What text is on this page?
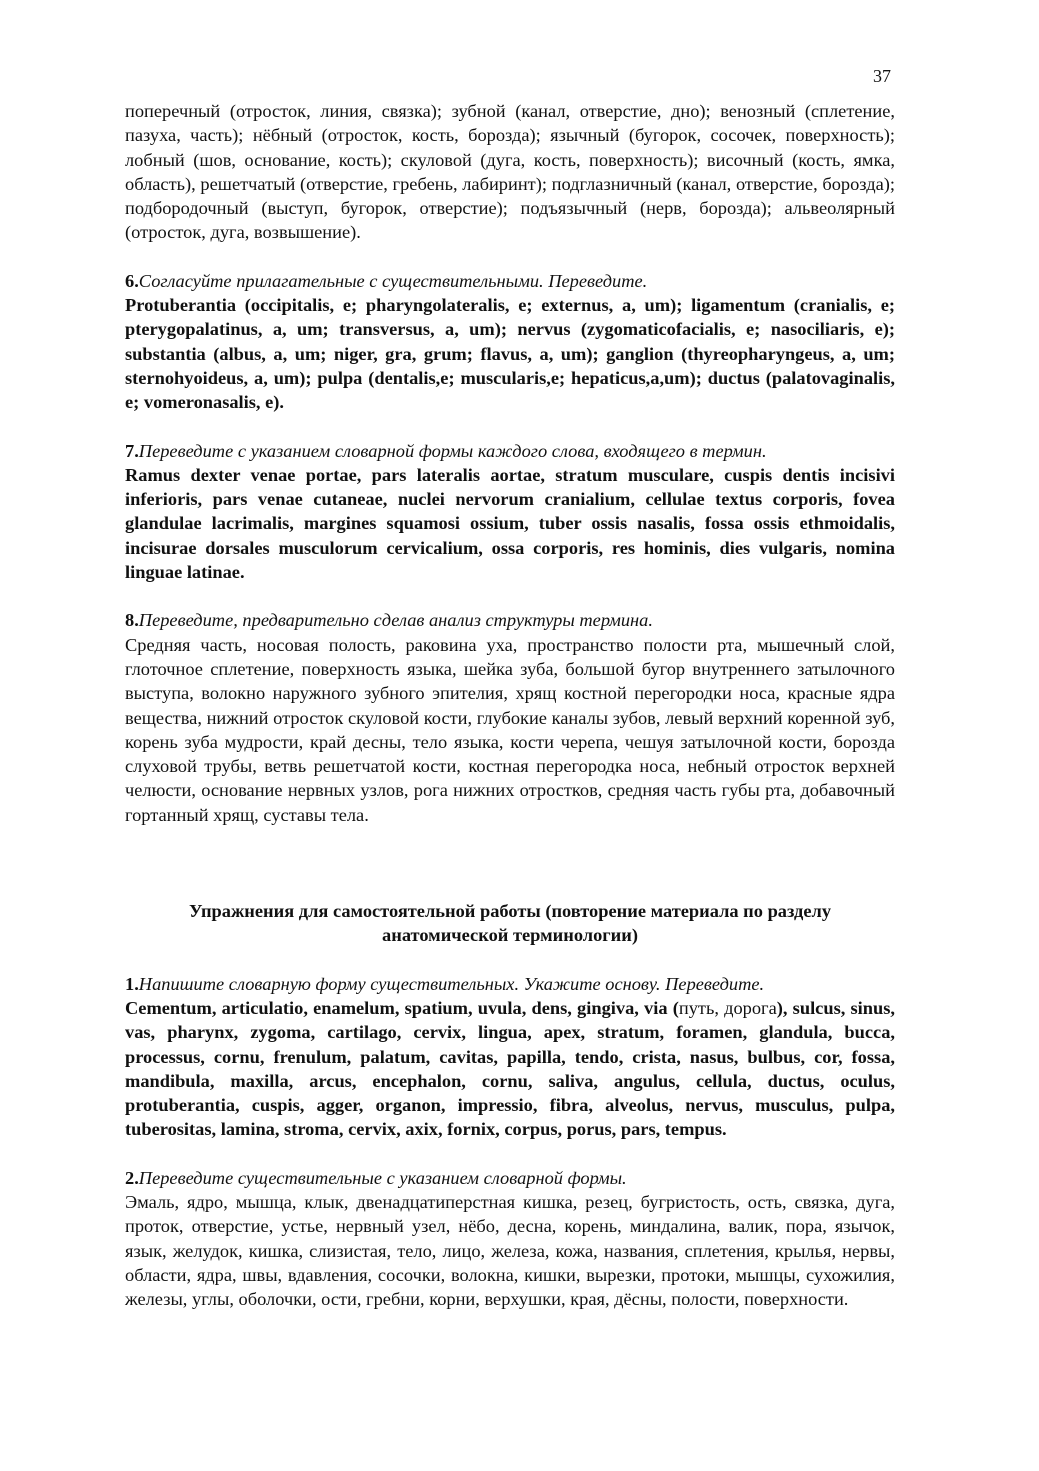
37

поперечный (отросток, линия, связка); зубной (канал, отверстие, дно); венозный (сплетение, пазуха, часть); нёбный (отросток, кость, борозда); язычный (бугорок, сосочек, поверхность); лобный (шов, основание, кость); скуловой (дуга, кость, поверхность); височный (кость, ямка, область), решетчатый (отверстие, гребень, лабиринт); подглазничный (канал, отверстие, борозда); подбородочный (выступ, бугорок, отверстие); подъязычный (нерв, борозда); альвеолярный (отросток, дуга, возвышение).

6.Согласуйте прилагательные с существительными. Переведите.

Protuberantia (occipitalis, e; pharyngolateralis, e; externus, a, um); ligamentum (cranialis, e; pterygopalatinus, a, um; transversus, a, um); nervus (zygomaticofacialis, e; nasociliaris, e); substantia (albus, a, um; niger, gra, grum; flavus, a, um); ganglion (thyreopharyngeus, a, um; sternohyoideus, a, um); pulpa (dentalis,e; muscularis,e; hepaticus,a,um); ductus (palatovaginalis, e; vomeronasalis, e).

7.Переведите с указанием словарной формы каждого слова, входящего в термин.

Ramus dexter venae portae, pars lateralis aortae, stratum musculare, cuspis dentis incisivi inferioris, pars venae cutaneae, nuclei nervorum cranialium, cellulae textus corporis, fovea glandulae lacrimalis, margines squamosi ossium, tuber ossis nasalis, fossa ossis ethmoidalis, incisurae dorsales musculorum cervicalium, ossa corporis, res hominis, dies vulgaris, nomina linguae latinae.

8.Переведите, предварительно сделав анализ структуры термина.

Средняя часть, носовая полость, раковина уха, пространство полости рта, мышечный слой, глоточное сплетение, поверхность языка, шейка зуба, большой бугор внутреннего затылочного выступа, волокно наружного зубного эпителия, хрящ костной перегородки носа, красные ядра вещества, нижний отросток скуловой кости, глубокие каналы зубов, левый верхний коренной зуб, корень зуба мудрости, край десны, тело языка, кости черепа, чешуя затылочной кости, борозда слуховой трубы, ветвь решетчатой кости, костная перегородка носа, небный отросток верхней челюсти, основание нервных узлов, рога нижних отростков, средняя часть губы рта, добавочный гортанный хрящ, суставы тела.

Упражнения для самостоятельной работы (повторение материала по разделу

анатомической терминологии)

1.Напишите словарную форму существительных. Укажите основу. Переведите.

Cementum, articulatio, enamelum, spatium, uvula, dens, gingiva, via (путь, дорога), sulcus, sinus, vas, pharynx, zygoma, cartilago, cervix, lingua, apex, stratum, foramen, glandula, bucca, processus, cornu, frenulum, palatum, cavitas, papilla, tendo, crista, nasus, bulbus, cor, fossa, mandibula, maxilla, arcus, encephalon, cornu, saliva, angulus, cellula, ductus, oculus, protuberantia, cuspis, agger, organon, impressio, fibra, alveolus, nervus, musculus, pulpa, tuberositas, lamina, stroma, cervix, axix, fornix, corpus, porus, pars, tempus.

2.Переведите существительные с указанием словарной формы.

Эмаль, ядро, мышца, клык, двенадцатиперстная кишка, резец, бугристость, ость, связка, дуга, проток, отверстие, устье, нервный узел, нёбо, десна, корень, миндалина, валик, пора, язычок, язык, желудок, кишка, слизистая, тело, лицо, железа, кожа, названия, сплетения, крылья, нервы, области, ядра, швы, вдавления, сосочки, волокна, кишки, вырезки, протоки, мышцы, сухожилия, железы, углы, оболочки, ости, гребни, корни, верхушки, края, дёсны, полости, поверхности.
